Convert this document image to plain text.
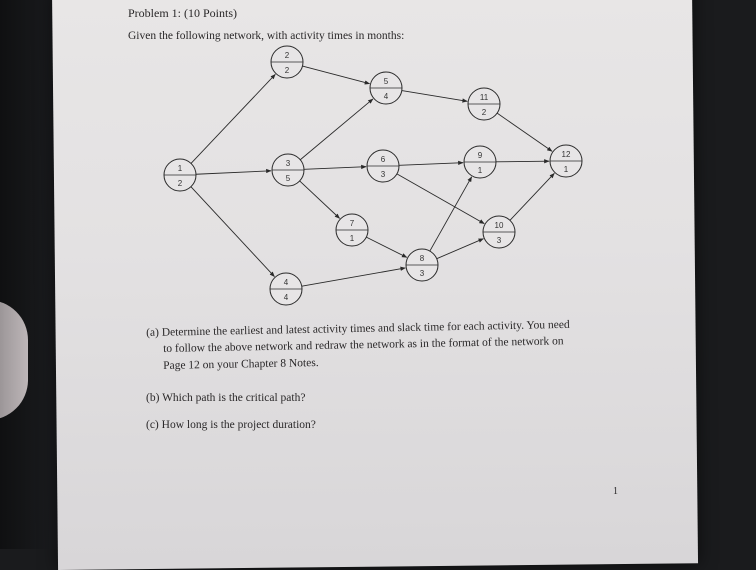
Problem 1: (10 Points)
Given the following network, with activity times in months:
1
2
2
2
3
5
4
4
5
4
6
3
7
1
8
3
9
1
10
3
11
2
12
1
(a) Determine the earliest and latest activity times and slack time for each activity. You need
to follow the above network and redraw the network as in the format of the network on
Page 12 on your Chapter 8 Notes.
(b) Which path is the critical path?
(c) How long is the project duration?
1
